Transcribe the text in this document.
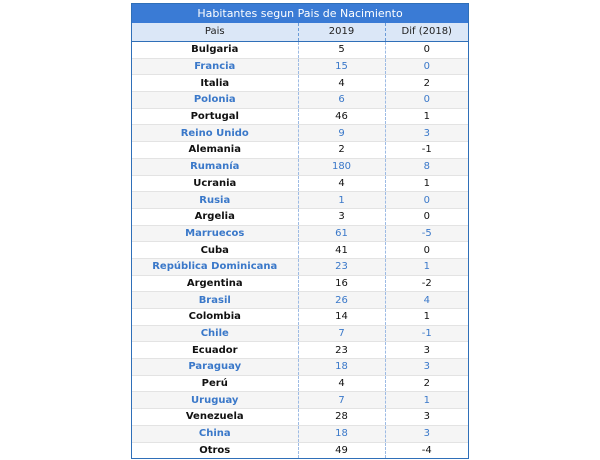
Habitantes segun Pais de Nacimiento
Pais	2019	Dif (2018)
Bulgaria	5	0
Francia	15	0
Italia	4	2
Polonia	6	0
Portugal	46	1
Reino Unido	9	3
Alemania	2	-1
Rumanía	180	8
Ucrania	4	1
Rusia	1	0
Argelia	3	0
Marruecos	61	-5
Cuba	41	0
República Dominicana	23	1
Argentina	16	-2
Brasil	26	4
Colombia	14	1
Chile	7	-1
Ecuador	23	3
Paraguay	18	3
Perú	4	2
Uruguay	7	1
Venezuela	28	3
China	18	3
Otros	49	-4
